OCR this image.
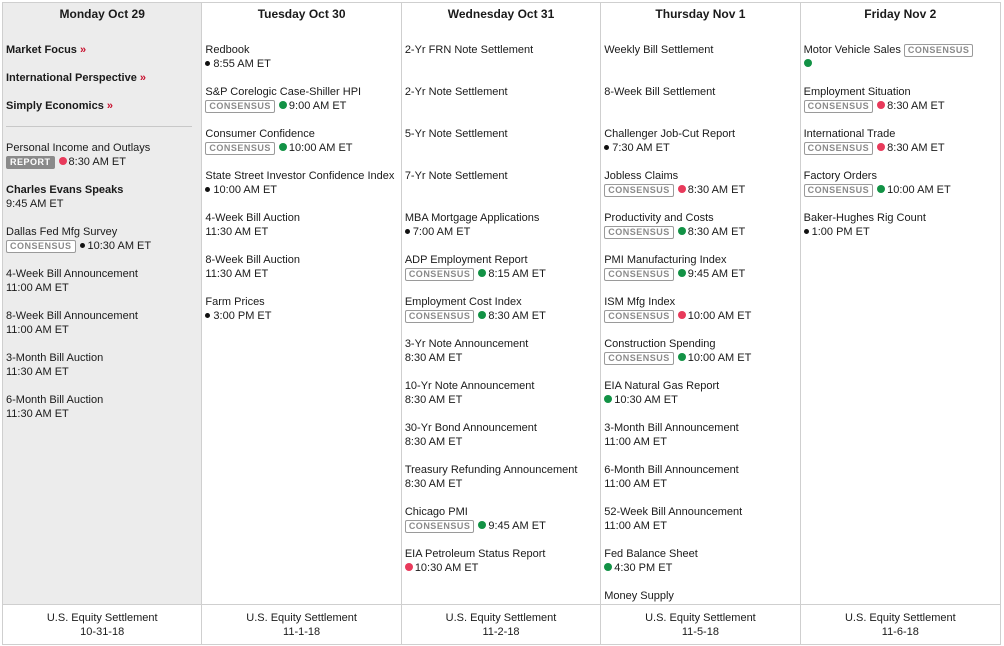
Monday Oct 29
Market Focus »
International Perspective »
Simply Economics »
Personal Income and Outlays
REPORT 8:30 AM ET
Charles Evans Speaks
9:45 AM ET
Dallas Fed Mfg Survey
CONSENSUS 10:30 AM ET
4-Week Bill Announcement
11:00 AM ET
8-Week Bill Announcement
11:00 AM ET
3-Month Bill Auction
11:30 AM ET
6-Month Bill Auction
11:30 AM ET
U.S. Equity Settlement
10-31-18
Tuesday Oct 30
Redbook
8:55 AM ET
S&P Corelogic Case-Shiller HPI
CONSENSUS 9:00 AM ET
Consumer Confidence
CONSENSUS 10:00 AM ET
State Street Investor Confidence Index
10:00 AM ET
4-Week Bill Auction
11:30 AM ET
8-Week Bill Auction
11:30 AM ET
Farm Prices
3:00 PM ET
U.S. Equity Settlement
11-1-18
Wednesday Oct 31
2-Yr FRN Note Settlement
2-Yr Note Settlement
5-Yr Note Settlement
7-Yr Note Settlement
MBA Mortgage Applications
7:00 AM ET
ADP Employment Report
CONSENSUS 8:15 AM ET
Employment Cost Index
CONSENSUS 8:30 AM ET
3-Yr Note Announcement
8:30 AM ET
10-Yr Note Announcement
8:30 AM ET
30-Yr Bond Announcement
8:30 AM ET
Treasury Refunding Announcement
8:30 AM ET
Chicago PMI
CONSENSUS 9:45 AM ET
EIA Petroleum Status Report
10:30 AM ET
U.S. Equity Settlement
11-2-18
Thursday Nov 1
Weekly Bill Settlement
8-Week Bill Settlement
Challenger Job-Cut Report
7:30 AM ET
Jobless Claims
CONSENSUS 8:30 AM ET
Productivity and Costs
CONSENSUS 8:30 AM ET
PMI Manufacturing Index
CONSENSUS 9:45 AM ET
ISM Mfg Index
CONSENSUS 10:00 AM ET
Construction Spending
CONSENSUS 10:00 AM ET
EIA Natural Gas Report
10:30 AM ET
3-Month Bill Announcement
11:00 AM ET
6-Month Bill Announcement
11:00 AM ET
52-Week Bill Announcement
11:00 AM ET
Fed Balance Sheet
4:30 PM ET
Money Supply
U.S. Equity Settlement
11-5-18
Friday Nov 2
Motor Vehicle Sales CONSENSUS
Employment Situation
CONSENSUS 8:30 AM ET
International Trade
CONSENSUS 8:30 AM ET
Factory Orders
CONSENSUS 10:00 AM ET
Baker-Hughes Rig Count
1:00 PM ET
U.S. Equity Settlement
11-6-18
